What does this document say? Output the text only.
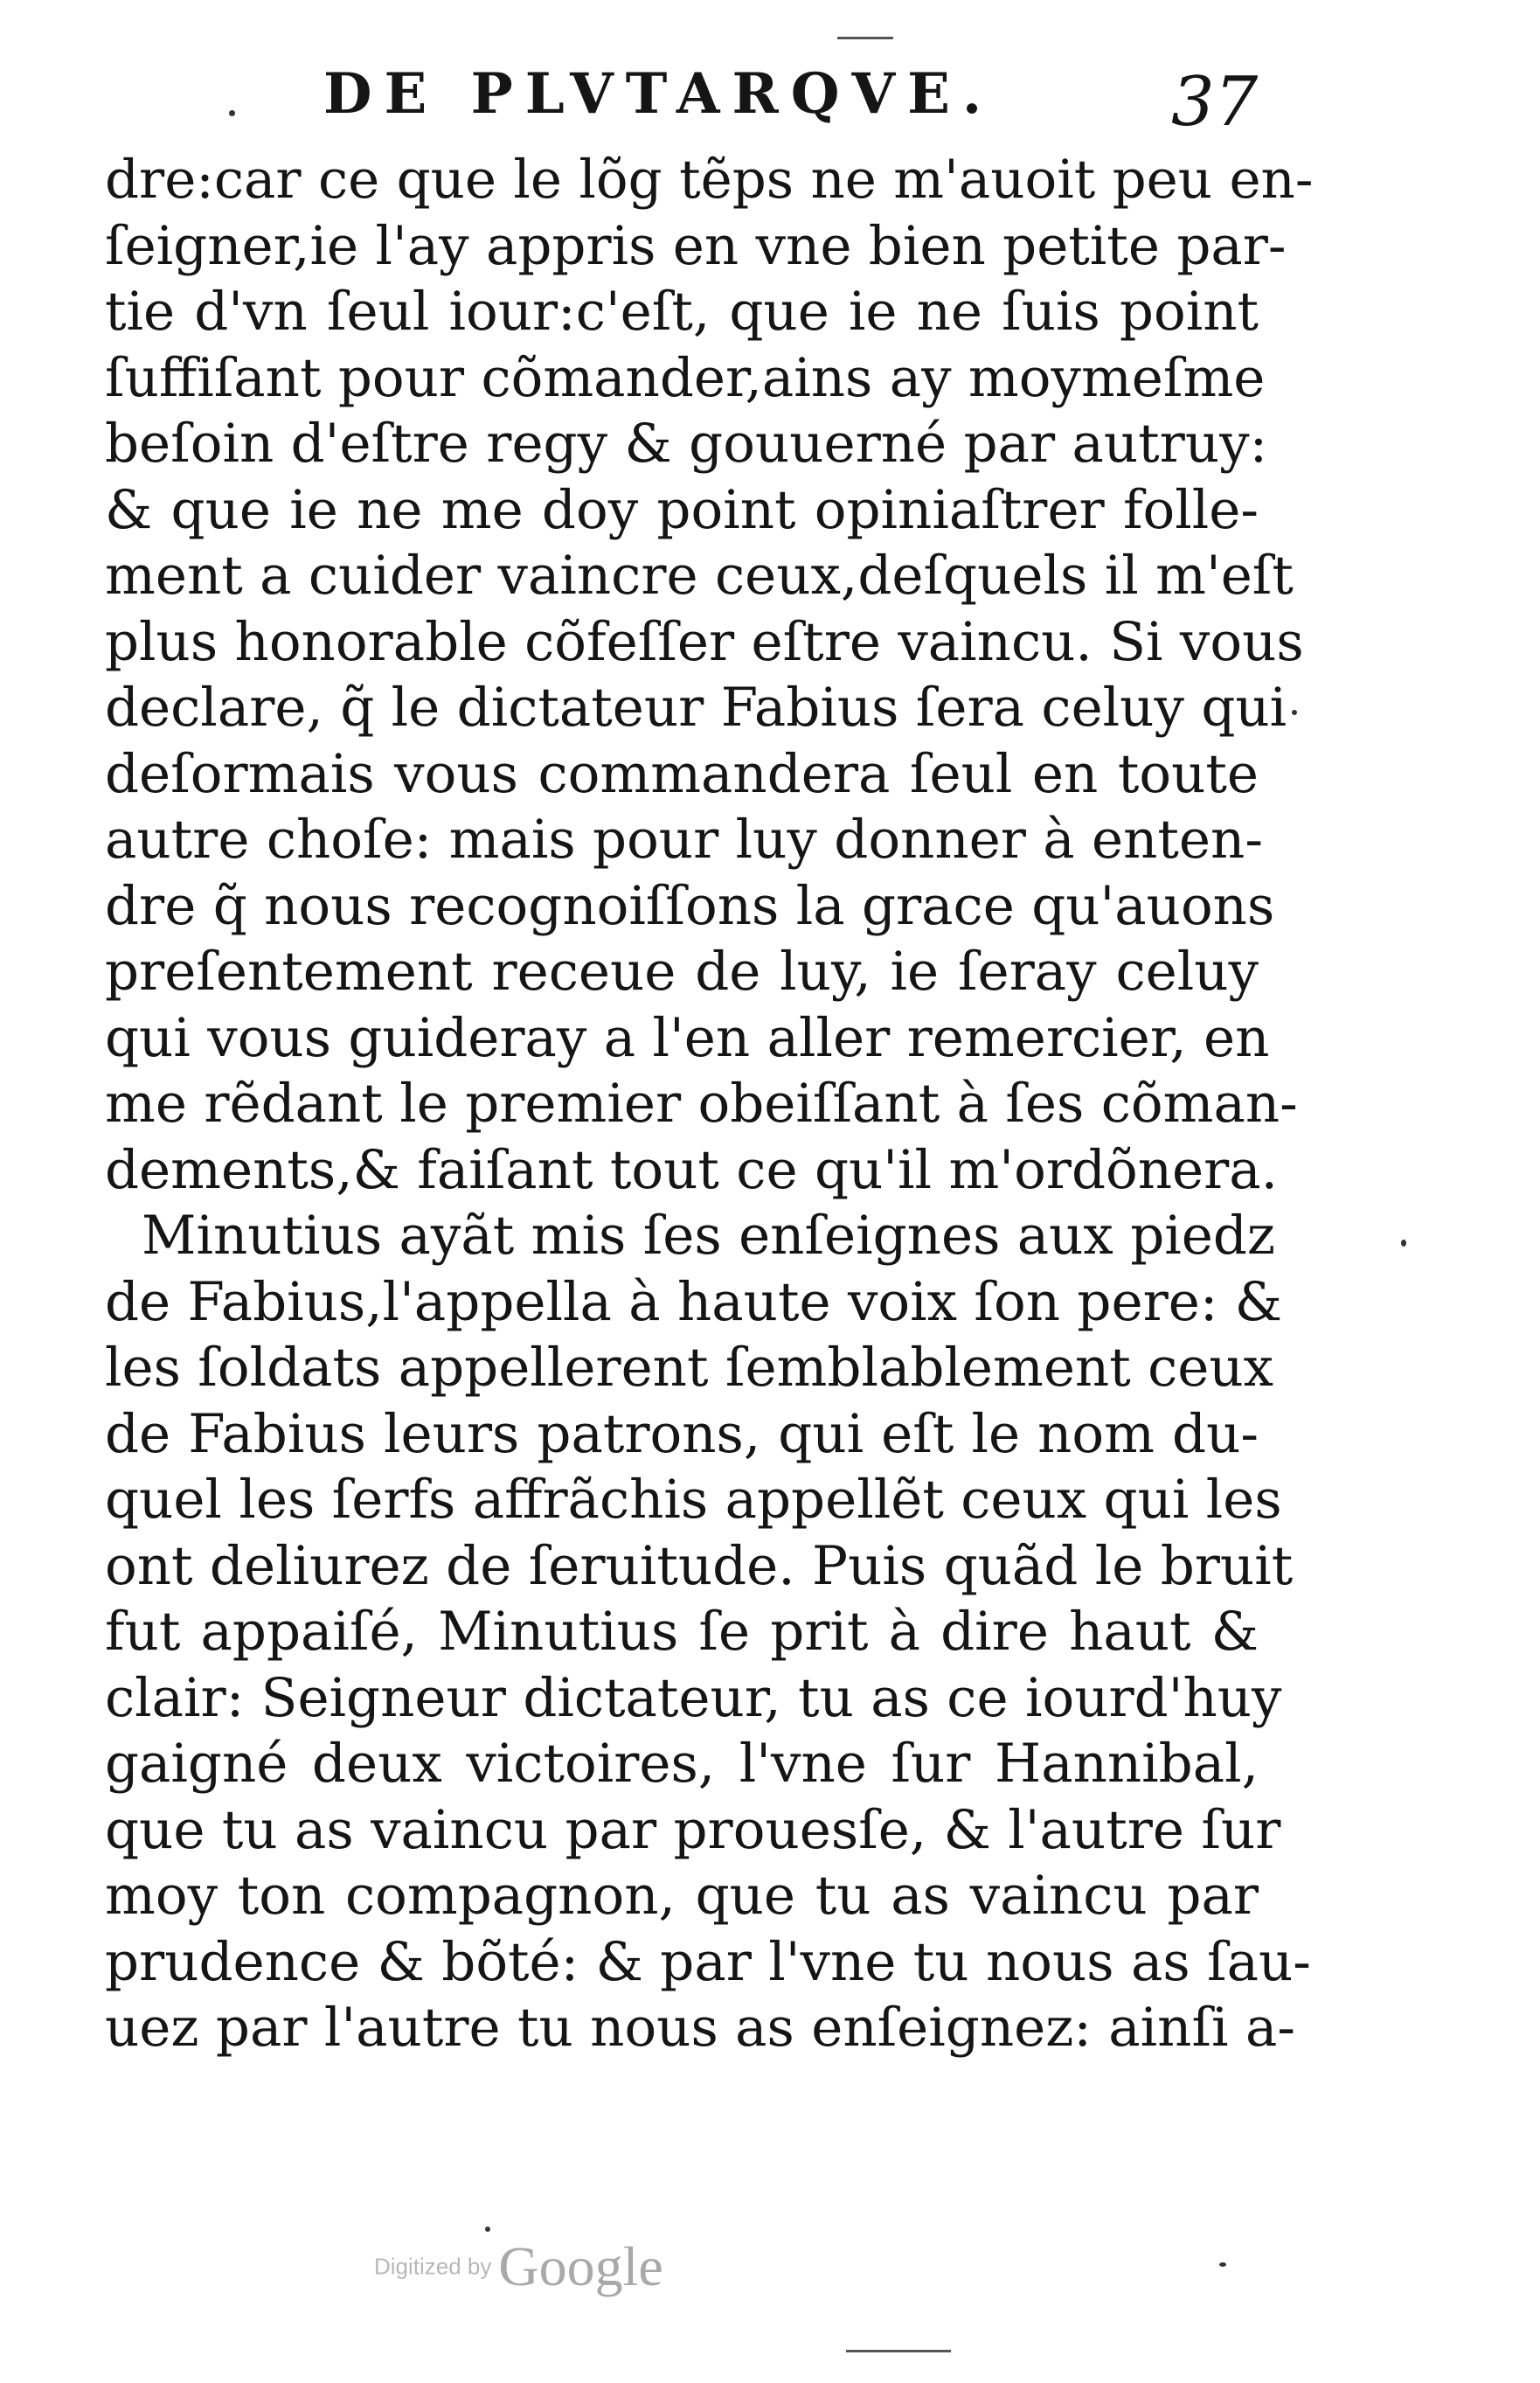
DE PLVTARQVE.	37
dre:car ce que le lõg tẽps ne m'auoit peu en-
ſeigner,ie l'ay appris en vne bien petite par-
tie d'vn ſeul iour:c'eſt, que ie ne ſuis point
ſuffiſant pour cõmander,ains ay moymeſme
beſoin d'eſtre regy & gouuerné par autruy:
& que ie ne me doy point opiniaſtrer folle-
ment a cuider vaincre ceux,deſquels il m'eſt
plus honorable cõfeſſer eſtre vaincu. Si vous
declare, q̃ le dictateur Fabius ſera celuy qui
deſormais vous commandera ſeul en toute
autre choſe: mais pour luy donner à enten-
dre q̃ nous recognoiſſons la grace qu'auons
preſentement receue de luy, ie ſeray celuy
qui vous guideray a l'en aller remercier, en
me rẽdant le premier obeiſſant à ſes cõman-
dements,& faiſant tout ce qu'il m'ordõnera.
Minutius ayãt mis ſes enſeignes aux piedz
de Fabius,l'appella à haute voix ſon pere: &
les ſoldats appellerent ſemblablement ceux
de Fabius leurs patrons, qui eſt le nom du-
quel les ſerfs affrãchis appellẽt ceux qui les
ont deliurez de ſeruitude. Puis quãd le bruit
fut appaiſé, Minutius ſe prit à dire haut &
clair: Seigneur dictateur, tu as ce iourd'huy
gaigné deux victoires, l'vne ſur Hannibal,
que tu as vaincu par prouesſe, & l'autre ſur
moy ton compagnon, que tu as vaincu par
prudence & bõté: & par l'vne tu nous as ſau-
uez par l'autre tu nous as enſeignez: ainſi a-
Digitized by Google
